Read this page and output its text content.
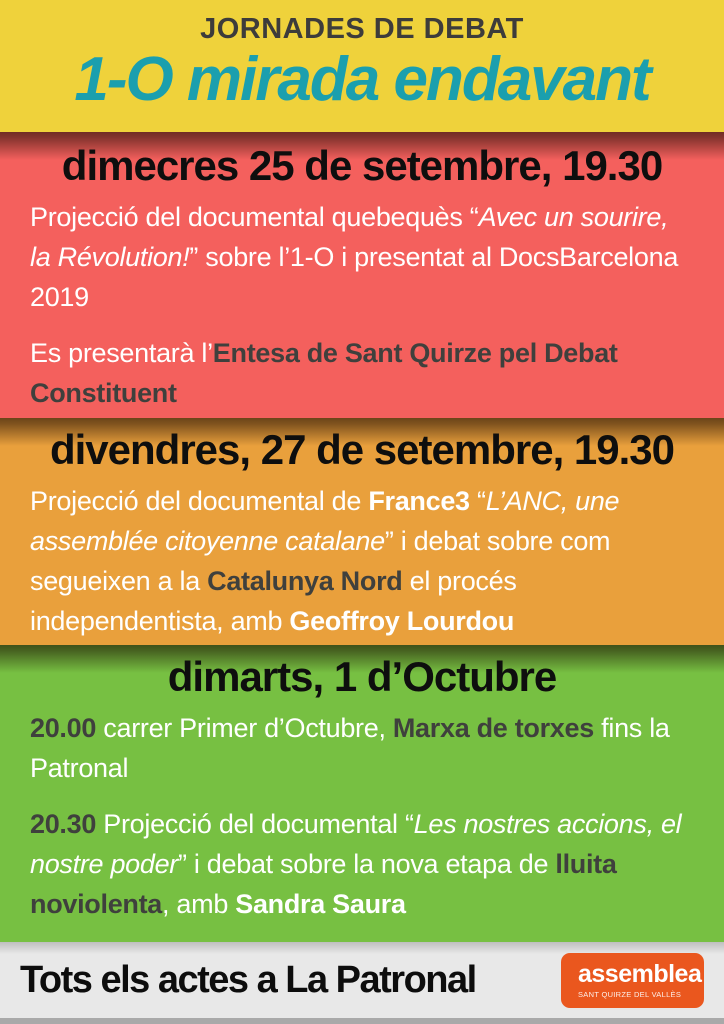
JORNADES DE DEBAT
1-O mirada endavant
dimecres 25 de setembre, 19.30
Projecció del documental quebequès “Avec un sourire, la Révolution!” sobre l’1-O i presentat al DocsBarcelona 2019
Es presentarà l’Entesa de Sant Quirze pel Debat Constituent
divendres, 27 de setembre, 19.30
Projecció del documental de France3 “L’ANC, une assemblée citoyenne catalane” i debat sobre com segueixen a la Catalunya Nord el procés independentista, amb Geoffroy Lourdou
dimarts, 1 d’Octubre
20.00 carrer Primer d’Octubre, Marxa de torxes fins la Patronal
20.30 Projecció del documental “Les nostres accions, el nostre poder” i debat sobre la nova etapa de lluita noviolenta, amb Sandra Saura
Tots els actes a La Patronal	assemblea
SANT QUIRZE DEL VALLÈS
